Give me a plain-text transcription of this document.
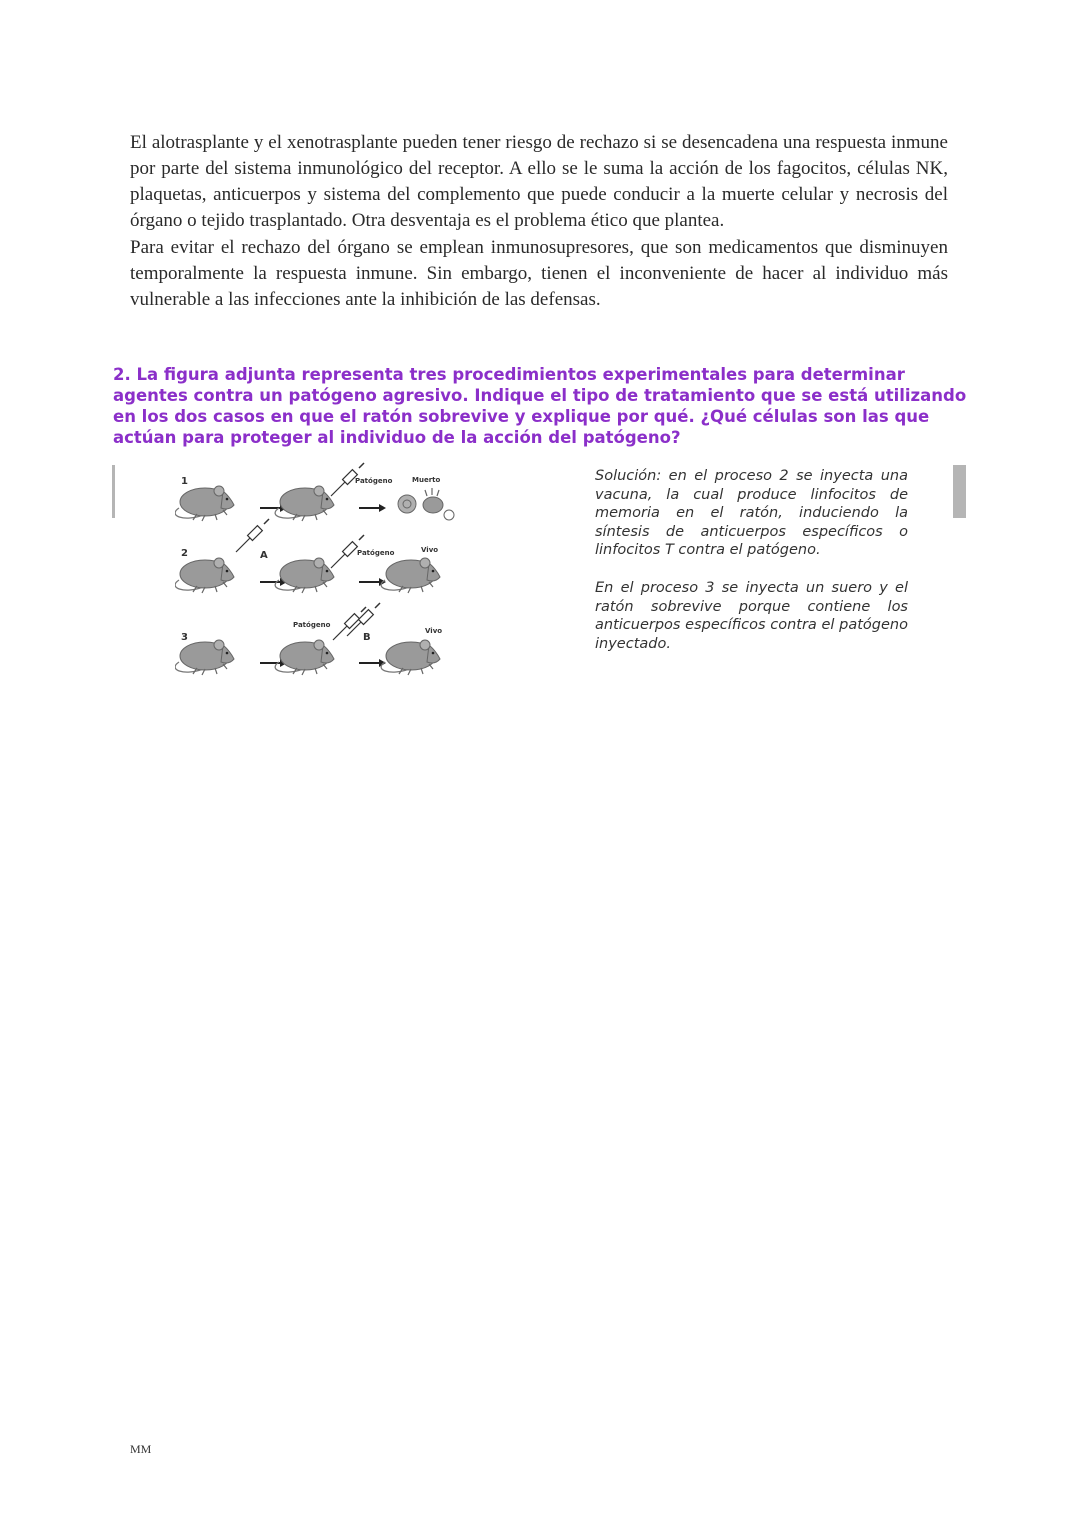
El alotrasplante y el xenotrasplante pueden tener riesgo de rechazo si se desencadena una respuesta inmune por parte del sistema inmunológico del receptor. A ello se le suma la acción de los fagocitos, células NK, plaquetas, anticuerpos y sistema del complemento que puede conducir a la muerte celular y necrosis del órgano o tejido trasplantado. Otra desventaja es el problema ético que plantea.

Para evitar el rechazo del órgano se emplean inmunosupresores, que son medicamentos que disminuyen temporalmente la respuesta inmune. Sin embargo, tienen el inconveniente de hacer al individuo más vulnerable a las infecciones ante la inhibición de las defensas.

2. La figura adjunta representa tres procedimientos experimentales para determinar agentes contra un patógeno agresivo. Indique el tipo de tratamiento que se está utilizando en los dos casos en que el ratón sobrevive y explique por qué. ¿Qué células son las que actúan para proteger al individuo de la acción del patógeno?

1	Patógeno	Muerto
2	A	Patógeno	Vivo
3
Patógeno
B
Vivo

Solución: en el proceso 2 se inyecta una vacuna, la cual produce linfocitos de memoria en el ratón, induciendo la síntesis de anticuerpos específicos o linfocitos T contra el patógeno.

En el proceso 3 se inyecta un suero y el ratón sobrevive porque contiene los anticuerpos específicos contra el patógeno inyectado.

MM
